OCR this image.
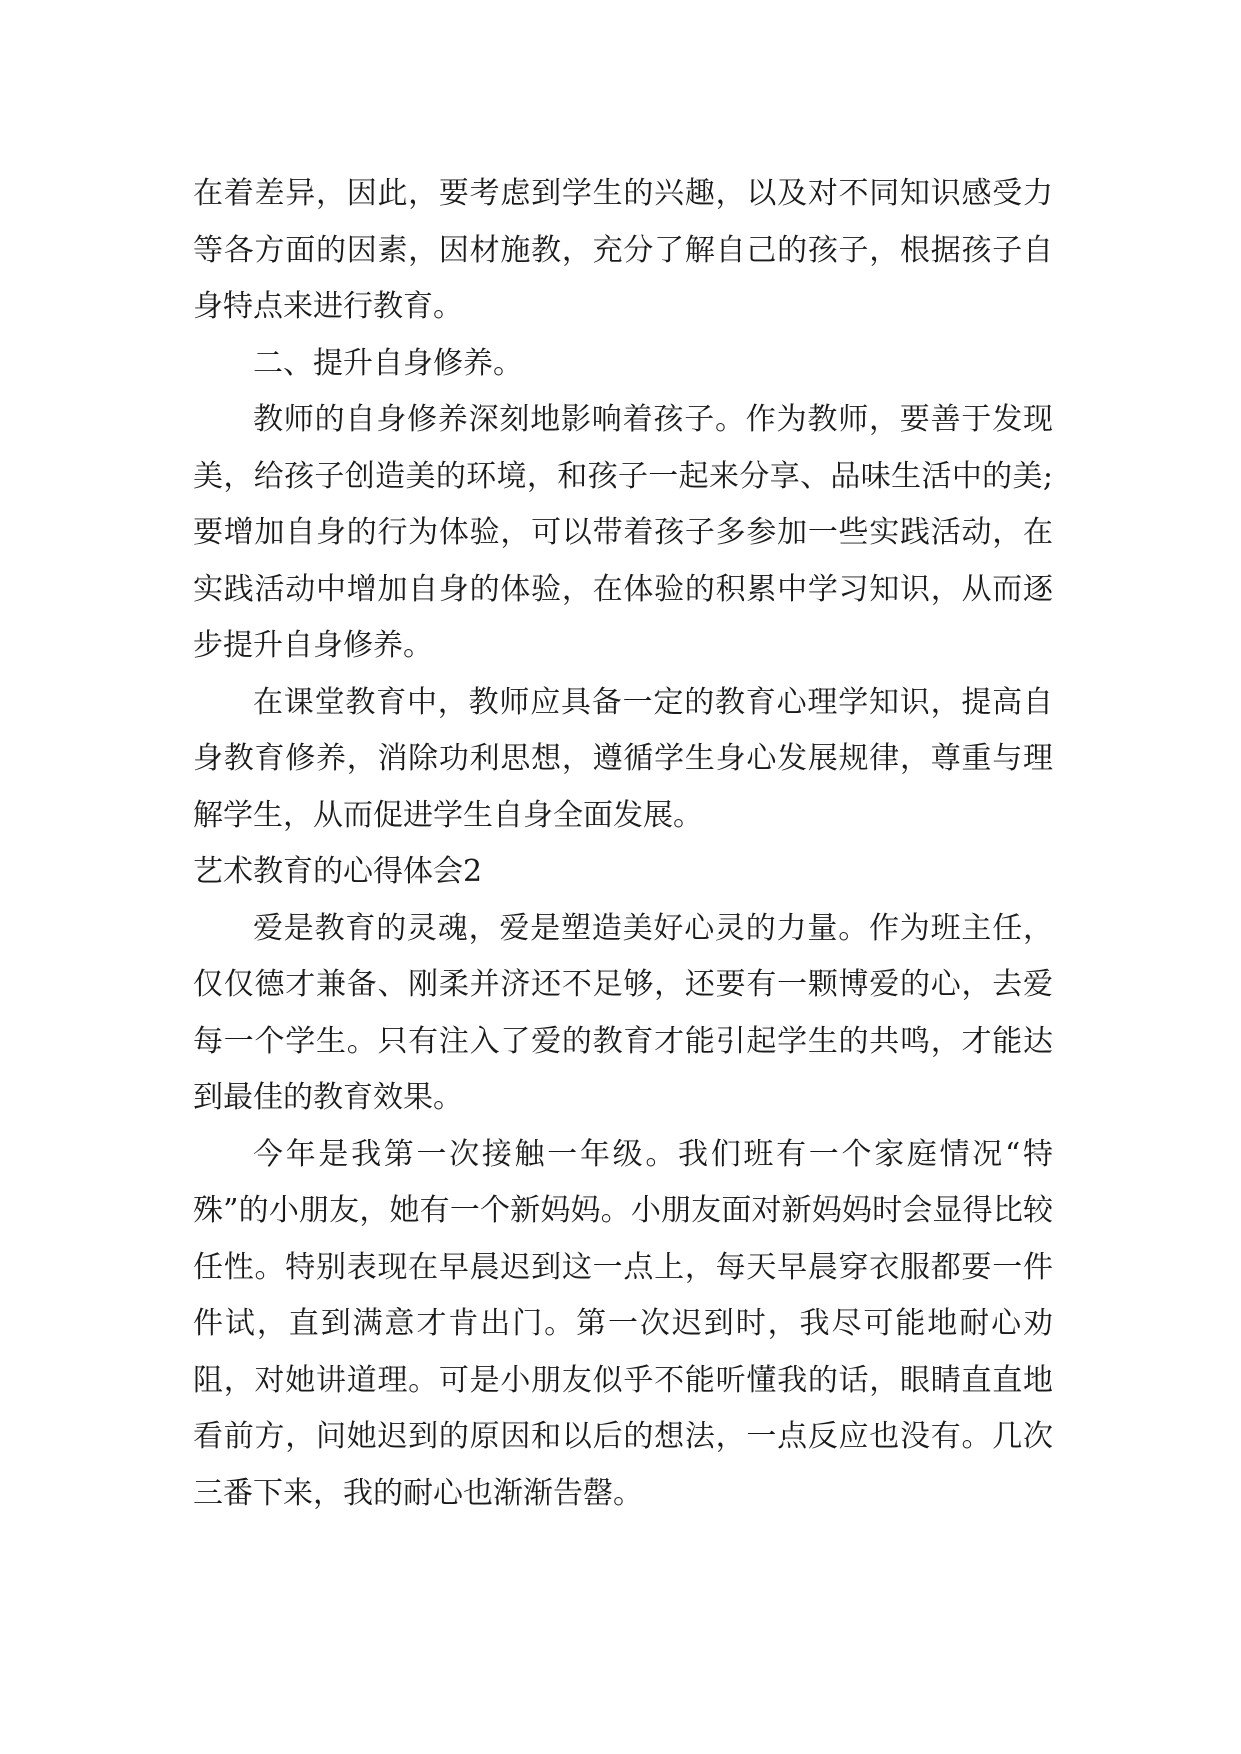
在着差异，因此，要考虑到学生的兴趣，以及对不同知识感受力等各方面的因素，因材施教，充分了解自己的孩子，根据孩子自身特点来进行教育。

二、提升自身修养。

教师的自身修养深刻地影响着孩子。作为教师，要善于发现美，给孩子创造美的环境，和孩子一起来分享、品味生活中的美;要增加自身的行为体验，可以带着孩子多参加一些实践活动，在实践活动中增加自身的体验，在体验的积累中学习知识，从而逐步提升自身修养。

在课堂教育中，教师应具备一定的教育心理学知识，提高自身教育修养，消除功利思想，遵循学生身心发展规律，尊重与理解学生，从而促进学生自身全面发展。

艺术教育的心得体会2

爱是教育的灵魂，爱是塑造美好心灵的力量。作为班主任，仅仅德才兼备、刚柔并济还不足够，还要有一颗博爱的心，去爱每一个学生。只有注入了爱的教育才能引起学生的共鸣，才能达到最佳的教育效果。

今年是我第一次接触一年级。我们班有一个家庭情况“特殊”的小朋友，她有一个新妈妈。小朋友面对新妈妈时会显得比较任性。特别表现在早晨迟到这一点上，每天早晨穿衣服都要一件件试，直到满意才肯出门。第一次迟到时，我尽可能地耐心劝阻，对她讲道理。可是小朋友似乎不能听懂我的话，眼睛直直地看前方，问她迟到的原因和以后的想法，一点反应也没有。几次三番下来，我的耐心也渐渐告罄。
